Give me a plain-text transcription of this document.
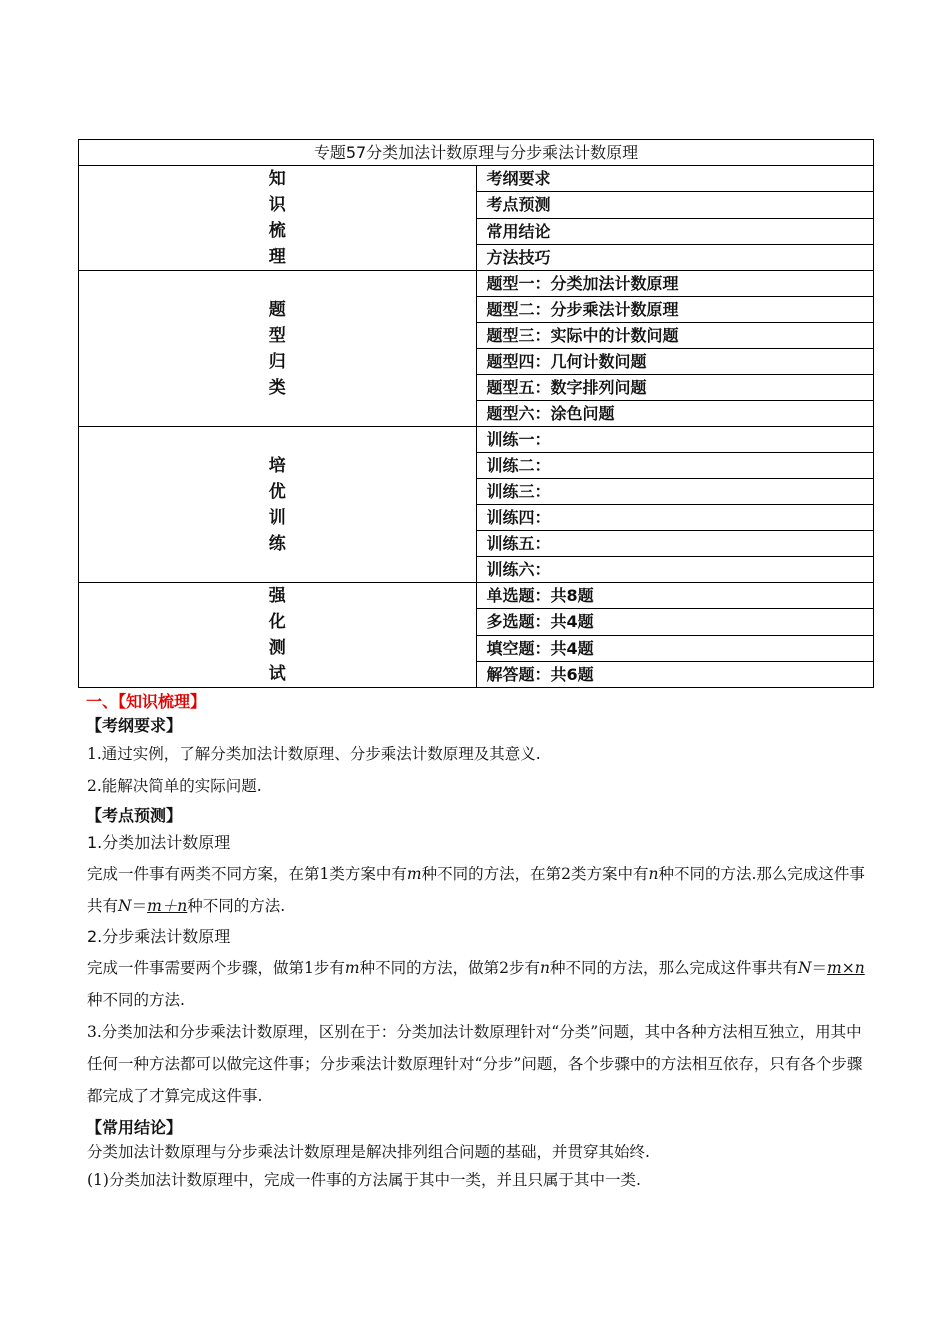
专题57分类加法计数原理与分步乘法计数原理	
知识梳理	考纲要求
	考点预测
	常用结论
	方法技巧
题型归类	题型一：分类加法计数原理
	题型二：分步乘法计数原理
	题型三：实际中的计数问题
	题型四：几何计数问题
	题型五：数字排列问题
	题型六：涂色问题
培优训练	训练一：
	训练二：
	训练三：
	训练四：
	训练五：
	训练六：
强化测试	单选题：共8题
	多选题：共4题
	填空题：共4题
	解答题：共6题
一、【知识梳理】
【考纲要求】
1.通过实例，了解分类加法计数原理、分步乘法计数原理及其意义.
2.能解决简单的实际问题.
【考点预测】
1.分类加法计数原理
完成一件事有两类不同方案，在第1类方案中有m种不同的方法，在第2类方案中有n种不同的方法.那么完成这件事共有N＝m＋n种不同的方法.
2.分步乘法计数原理
完成一件事需要两个步骤，做第1步有m种不同的方法，做第2步有n种不同的方法，那么完成这件事共有N＝m×n种不同的方法.
3.分类加法和分步乘法计数原理，区别在于：分类加法计数原理针对“分类”问题，其中各种方法相互独立，用其中任何一种方法都可以做完这件事；分步乘法计数原理针对“分步”问题，各个步骤中的方法相互依存，只有各个步骤都完成了才算完成这件事.
【常用结论】
分类加法计数原理与分步乘法计数原理是解决排列组合问题的基础，并贯穿其始终.
(1)分类加法计数原理中，完成一件事的方法属于其中一类，并且只属于其中一类.
